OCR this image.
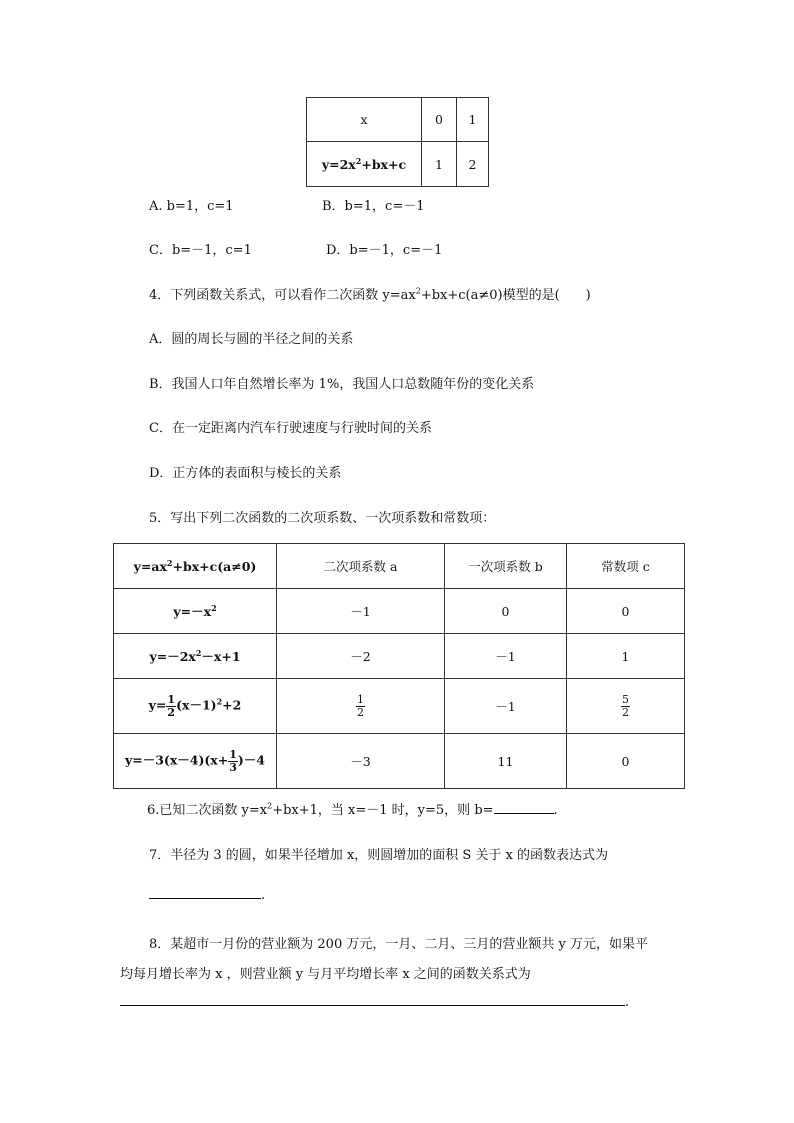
x	0	1
$y=2x^2+bx+c$	1	2
A. b=1，c=1	B．b=1，c=－1
C．b=－1，c=1	D．b=－1，c=－1
4．下列函数关系式，可以看作二次函数 $y=ax^2+bx+c(a\ne 0)$模型的是(　　)
A．圆的周长与圆的半径之间的关系
B．我国人口年自然增长率为 1%，我国人口总数随年份的变化关系
C．在一定距离内汽车行驶速度与行驶时间的关系
D．正方体的表面积与棱长的关系
5．写出下列二次函数的二次项系数、一次项系数和常数项：
$y=ax^2+bx+c(a\ne 0)$	二次项系数 a	一次项系数 b	常数项 c
$y=-x^2$	－1	0	0
$y=-2x^2-x+1$	－2	－1	1
$y= \frac{1}{2} (x-1)^2+2$	$\frac{1}{2}$	－1	$\frac{5}{2}$

$y=-3(x-4)(x+ \frac{1}{3} )-4$	－3	11	0
6.已知二次函数 $y=x^2+bx+1$，当 x=－1 时，y=5，则 b=	.
7．半径为 3 的圆，如果半径增加 x，则圆增加的面积 S 关于 x 的函数表达式为
.
8．某超市一月份的营业额为 200 万元，一月、二月、三月的营业额共 y 万元，如果平
均每月增长率为 x ，则营业额 y 与月平均增长率 x 之间的函数关系式为
.
